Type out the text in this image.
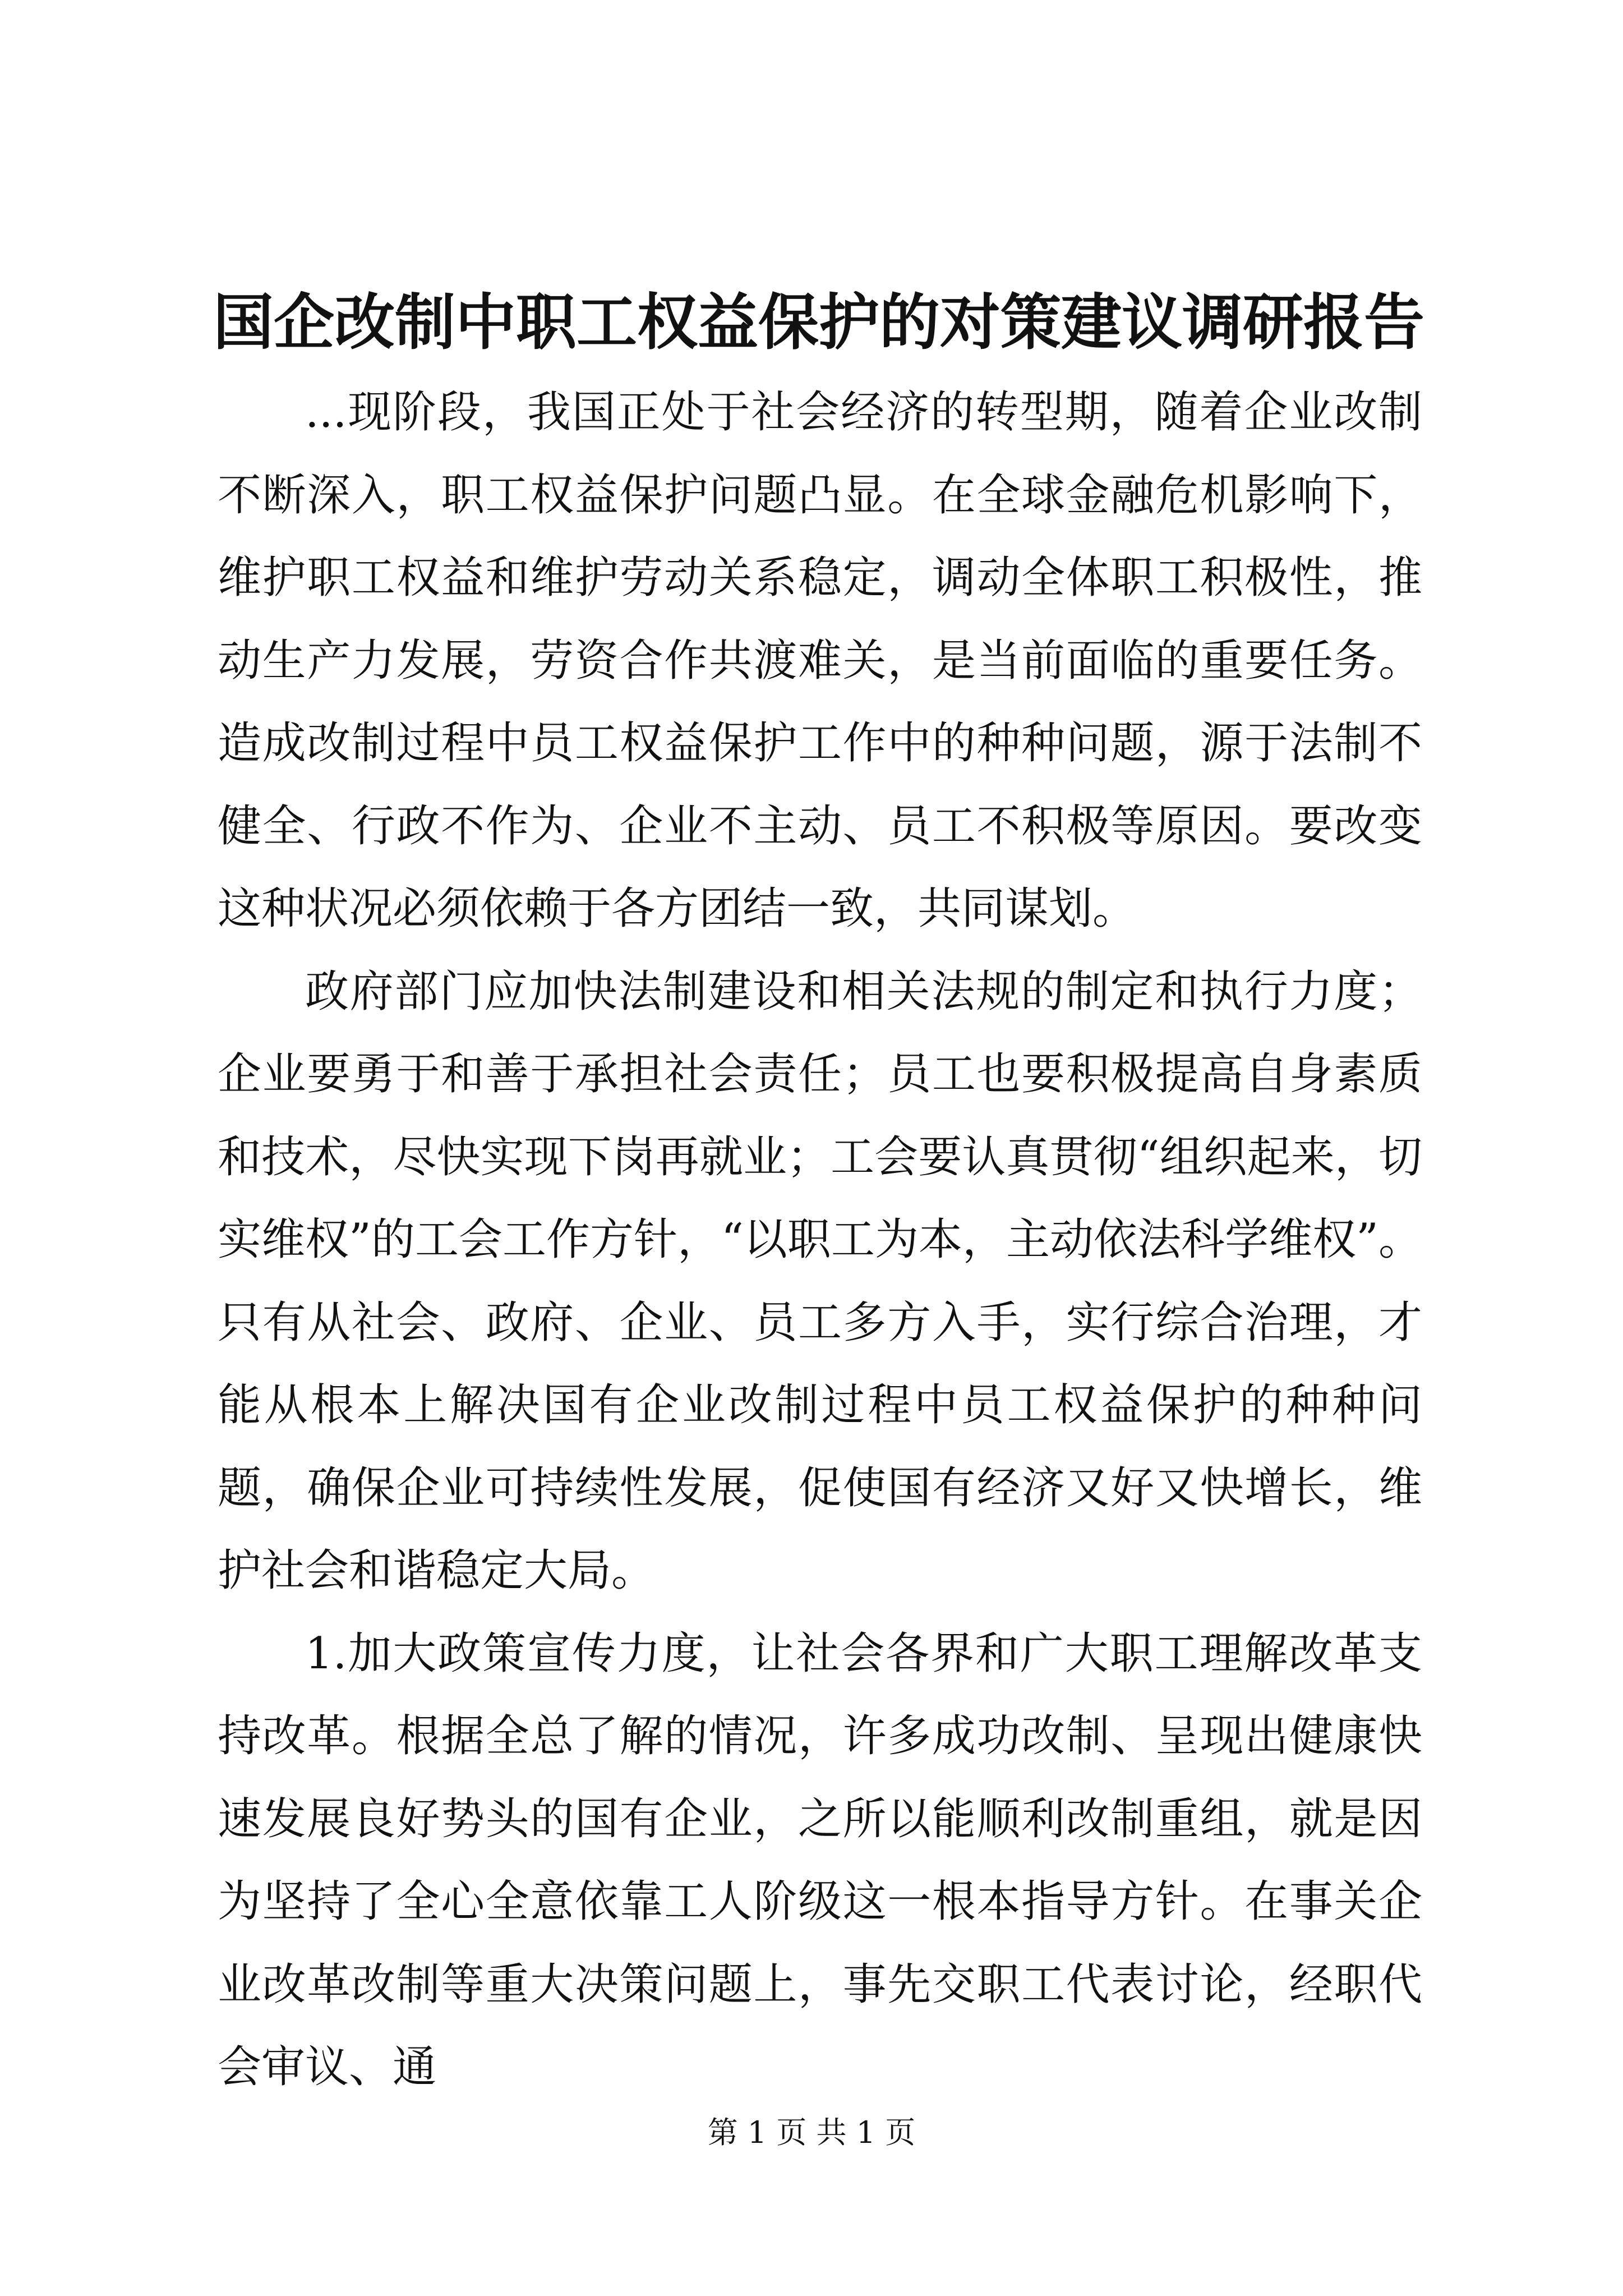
国企改制中职工权益保护的对策建议调研报告

...现阶段，我国正处于社会经济的转型期，随着企业改制不断深入，职工权益保护问题凸显。在全球金融危机影响下，维护职工权益和维护劳动关系稳定，调动全体职工积极性，推动生产力发展，劳资合作共渡难关，是当前面临的重要任务。造成改制过程中员工权益保护工作中的种种问题，源于法制不健全、行政不作为、企业不主动、员工不积极等原因。要改变这种状况必须依赖于各方团结一致，共同谋划。

政府部门应加快法制建设和相关法规的制定和执行力度；企业要勇于和善于承担社会责任；员工也要积极提高自身素质和技术，尽快实现下岗再就业；工会要认真贯彻“组织起来，切实维权”的工会工作方针，“以职工为本，主动依法科学维权”。只有从社会、政府、企业、员工多方入手，实行综合治理，才能从根本上解决国有企业改制过程中员工权益保护的种种问题，确保企业可持续性发展，促使国有经济又好又快增长，维护社会和谐稳定大局。

1.加大政策宣传力度，让社会各界和广大职工理解改革支持改革。根据全总了解的情况，许多成功改制、呈现出健康快速发展良好势头的国有企业，之所以能顺利改制重组，就是因为坚持了全心全意依靠工人阶级这一根本指导方针。在事关企业改革改制等重大决策问题上，事先交职工代表讨论，经职代会审议、通

第 1 页 共 1 页
